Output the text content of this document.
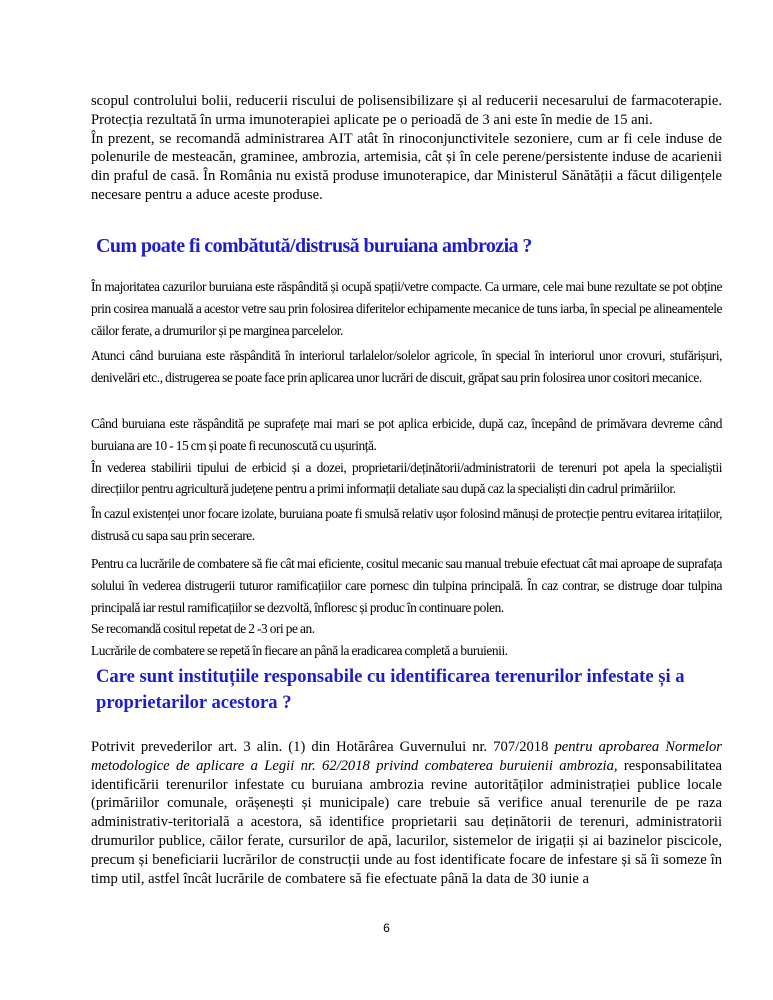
scopul controlului bolii, reducerii riscului de polisensibilizare și al reducerii necesarului de farmacoterapie. Protecția rezultată în urma imunoterapiei aplicate pe o perioadă de 3 ani este în medie de 15 ani.
În prezent, se recomandă administrarea AIT atât în rinoconjunctivitele sezoniere, cum ar fi cele induse de polenurile de mesteacăn, graminee, ambrozia, artemisia, cât și în cele perene/persistente induse de acarienii din praful de casă. În România nu există produse imunoterapice, dar Ministerul Sănătății a făcut diligențele necesare pentru a aduce aceste produse.
Cum poate fi combătută/distrusă buruiana ambrozia ?
În majoritatea cazurilor buruiana este răspândită și ocupă spații/vetre compacte. Ca urmare, cele mai bune rezultate se pot obține prin cosirea manuală a acestor vetre sau prin folosirea diferitelor echipamente mecanice de tuns iarba, în special pe alineamentele căilor ferate, a drumurilor și pe marginea parcelelor.
Atunci când buruiana este răspândită în interiorul tarlalelor/solelor agricole, în special în interiorul unor crovuri, stufărișuri, denivelări etc., distrugerea se poate face prin aplicarea unor lucrări de discuit, grăpat sau prin folosirea unor cositori mecanice.
Când buruiana este răspândită pe suprafețe mai mari se pot aplica erbicide, după caz, începând de primăvara devreme când buruiana are 10 - 15 cm și poate fi recunoscută cu ușurință.
În vederea stabilirii tipului de erbicid și a dozei, proprietarii/deținătorii/administratorii de terenuri pot apela la specialiștii direcțiilor pentru agricultură județene pentru a primi informații detaliate sau după caz la specialiști din cadrul primăriilor.
În cazul existenței unor focare izolate, buruiana poate fi smulsă relativ ușor folosind mănuși de protecție pentru evitarea iritațiilor, distrusă cu sapa sau prin secerare.
Pentru ca lucrările de combatere să fie cât mai eficiente, cositul mecanic sau manual trebuie efectuat cât mai aproape de suprafața solului în vederea distrugerii tuturor ramificațiilor care pornesc din tulpina principală. În caz contrar, se distruge doar tulpina principală iar restul ramificațiilor se dezvoltă, înfloresc și produc în continuare polen.
Se recomandă cositul repetat de 2 -3 ori pe an.
Lucrările de combatere se repetă în fiecare an până la eradicarea completă a buruienii.
Care sunt instituțiile responsabile cu identificarea terenurilor infestate și a proprietarilor acestora ?
Potrivit prevederilor art. 3 alin. (1) din Hotărârea Guvernului nr. 707/2018 pentru aprobarea Normelor metodologice de aplicare a Legii nr. 62/2018 privind combaterea buruienii ambrozia, responsabilitatea identificării terenurilor infestate cu buruiana ambrozia revine autorităților administrației publice locale (primăriilor comunale, orășenești și municipale) care trebuie să verifice anual terenurile de pe raza administrativ-teritorială a acestora, să identifice proprietarii sau deținătorii de terenuri, administratorii drumurilor publice, căilor ferate, cursurilor de apă, lacurilor, sistemelor de irigații și ai bazinelor piscicole, precum și beneficiarii lucrărilor de construcții unde au fost identificate focare de infestare și să îi someze în timp util, astfel încât lucrările de combatere să fie efectuate până la data de 30 iunie a
6
